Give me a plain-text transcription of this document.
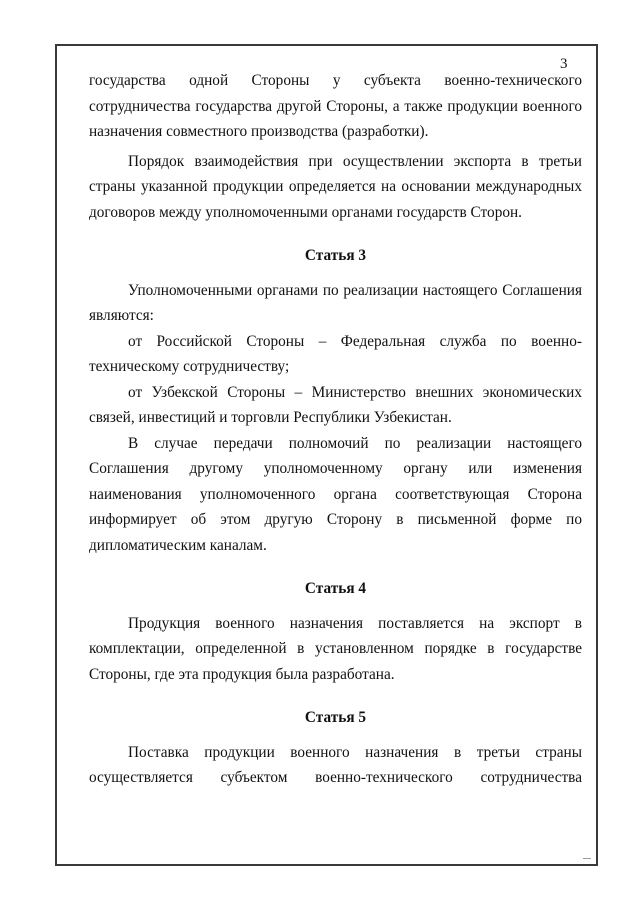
3

государства одной Стороны у субъекта военно-технического сотрудничества государства другой Стороны, а также продукции военного назначения совместного производства (разработки).

Порядок взаимодействия при осуществлении экспорта в третьи страны указанной продукции определяется на основании международных договоров между уполномоченными органами государств Сторон.

Статья 3

Уполномоченными органами по реализации настоящего Соглашения являются:

от Российской Стороны – Федеральная служба по военно-техническому сотрудничеству;

от Узбекской Стороны – Министерство внешних экономических связей, инвестиций и торговли Республики Узбекистан.

В случае передачи полномочий по реализации настоящего Соглашения другому уполномоченному органу или изменения наименования уполномоченного органа соответствующая Сторона информирует об этом другую Сторону в письменной форме по дипломатическим каналам.

Статья 4

Продукция военного назначения поставляется на экспорт в комплектации, определенной в установленном порядке в государстве Стороны, где эта продукция была разработана.

Статья 5

Поставка продукции военного назначения в третьи страны осуществляется субъектом военно-технического сотрудничества
